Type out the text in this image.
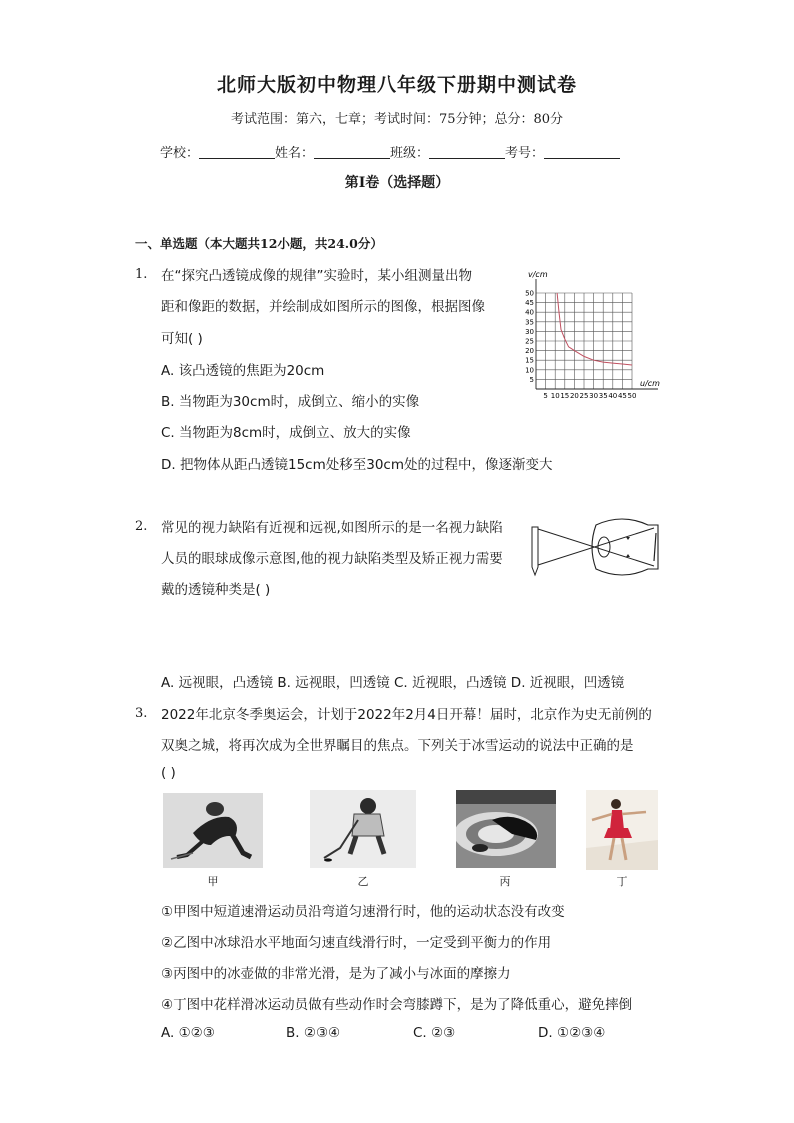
北师大版初中物理八年级下册期中测试卷
考试范围：第六，七章；考试时间：75分钟；总分：80分
学校：	姓名：	班级：	考号：
第Ⅰ卷（选择题）
一、单选题（本大题共12小题，共24.0分）
1. 在“探究凸透镜成像的规律”实验时，某小组测量出物
距和像距的数据，并绘制成如图所示的图像，根据图像
可知( )
A. 该凸透镜的焦距为20cm
B. 当物距为30cm时，成倒立、缩小的实像
C. 当物距为8cm时，成倒立、放大的实像
D. 把物体从距凸透镜15cm处移至30cm处的过程中，像逐渐变大
5 10 15 20 25 30 35 40 45 50
5
10
15
20
25
30
35
40
45
50
v/cm
u/cm
2. 常见的视力缺陷有近视和远视,如图所示的是一名视力缺陷
人员的眼球成像示意图,他的视力缺陷类型及矫正视力需要
戴的透镜种类是( )
A. 远视眼，凸透镜 B. 远视眼，凹透镜 C. 近视眼，凸透镜 D. 近视眼，凹透镜
3. 2022年北京冬季奥运会，计划于2022年2月4日开幕！届时，北京作为史无前例的
双奥之城，将再次成为全世界瞩目的焦点。下列关于冰雪运动的说法中正确的是
( )
甲	乙	丙	丁
①甲图中短道速滑运动员沿弯道匀速滑行时，他的运动状态没有改变
②乙图中冰球沿水平地面匀速直线滑行时，一定受到平衡力的作用
③丙图中的冰壶做的非常光滑，是为了减小与冰面的摩擦力
④丁图中花样滑冰运动员做有些动作时会弯膝蹲下，是为了降低重心，避免摔倒
A. ①②③	B. ②③④	C. ②③	D. ①②③④
